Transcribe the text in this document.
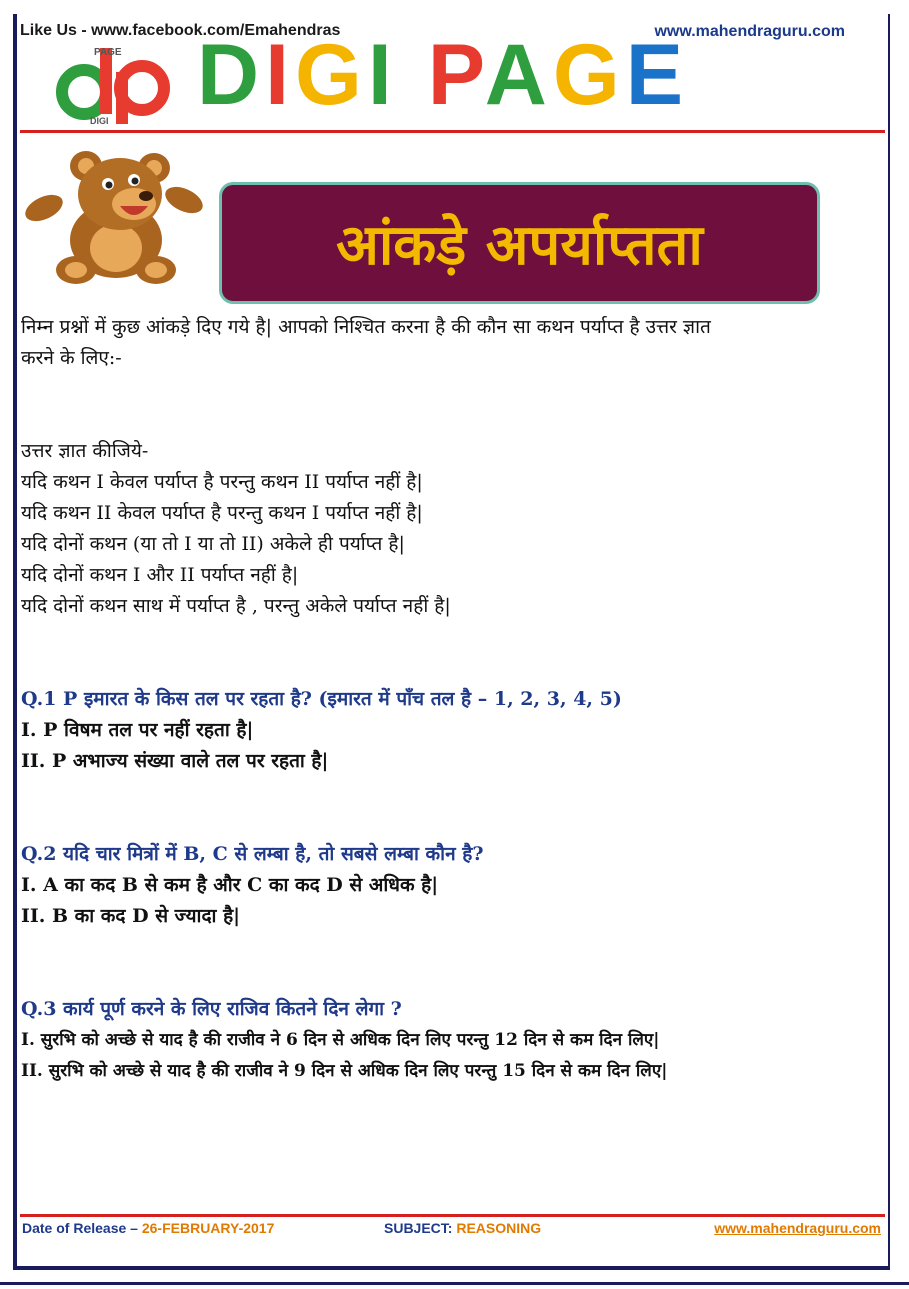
Like Us - www.facebook.com/Emahendras	www.mahendraguru.com
PAGE
DIGI DIGI PAGE
आंकड़े अपर्याप्तता

निम्न प्रश्नों में कुछ आंकड़े दिए गये है| आपको निश्चित करना है की कौन सा कथन पर्याप्त है उत्तर ज्ञात

करने के लिए:-

उत्तर ज्ञात कीजिये-

यदि कथन I केवल पर्याप्त है परन्तु कथन II पर्याप्त नहीं है|

यदि कथन II केवल पर्याप्त है परन्तु कथन I पर्याप्त नहीं है|

यदि दोनों कथन (या तो I या तो II) अकेले ही पर्याप्त है|

यदि दोनों कथन I और II पर्याप्त नहीं है|

यदि दोनों कथन साथ में पर्याप्त है , परन्तु अकेले पर्याप्त नहीं है|

Q.1 P इमारत के किस तल पर रहता है? (इमारत में पाँच तल है – 1, 2, 3, 4, 5)

I. P विषम तल पर नहीं रहता है|

II. P अभाज्य संख्या वाले तल पर रहता है|

Q.2 यदि चार मित्रों में B, C से लम्बा है, तो सबसे लम्बा कौन है?

I. A का कद B से कम है और C का कद D से अधिक है|

II. B का कद D से ज्यादा है|

Q.3 कार्य पूर्ण करने के लिए राजिव कितने दिन लेगा ?

I. सुरभि को अच्छे से याद है की राजीव ने 6 दिन से अधिक दिन लिए परन्तु 12 दिन से कम दिन लिए|

II. सुरभि को अच्छे से याद है की राजीव ने 9 दिन से अधिक दिन लिए परन्तु 15 दिन से कम दिन लिए|

Date of Release – 26-FEBRUARY-2017	SUBJECT: REASONING	www.mahendraguru.com
